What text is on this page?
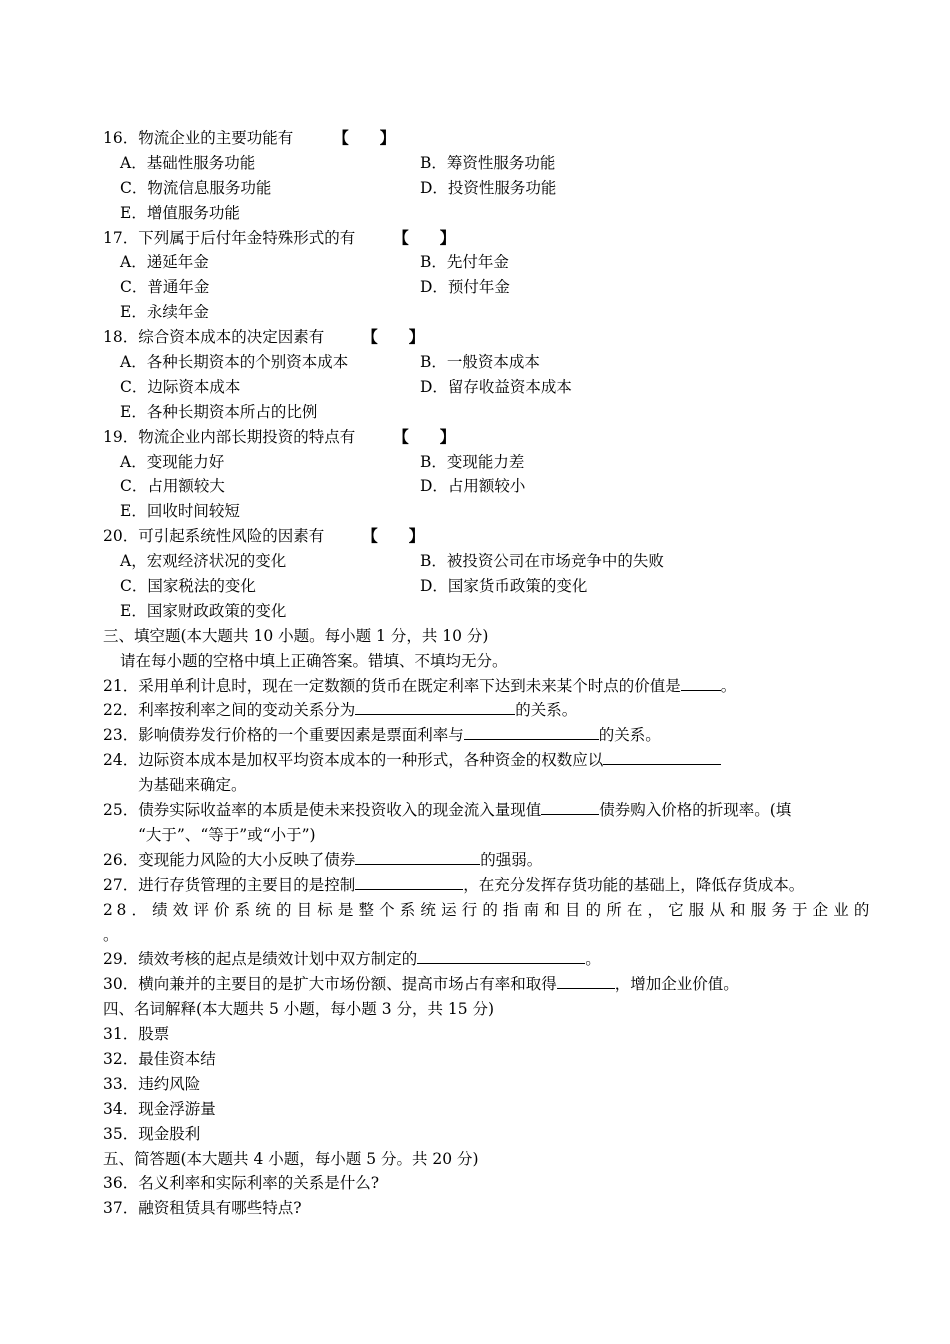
16．物流企业的主要功能有	【　　】
A．基础性服务功能	B．筹资性服务功能
C．物流信息服务功能	D．投资性服务功能
E．增值服务功能
17．下列属于后付年金特殊形式的有 【　　】
A．递延年金	B．先付年金
C．普通年金	D．预付年金
E．永续年金
18．综合资本成本的决定因素有 【　　】
A．各种长期资本的个别资本成本	B．一般资本成本
C．边际资本成本	D．留存收益资本成本
E．各种长期资本所占的比例
19．物流企业内部长期投资的特点有 【　　】
A．变现能力好	B．变现能力差
C．占用额较大	D．占用额较小
E．回收时间较短
20．可引起系统性风险的因素有 【　　】
A，宏观经济状况的变化	B．被投资公司在市场竞争中的失败
C．国家税法的变化	D．国家货币政策的变化
E．国家财政政策的变化
三、填空题(本大题共 10 小题。每小题 1 分，共 10 分)
请在每小题的空格中填上正确答案。错填、不填均无分。
21．采用单利计息时，现在一定数额的货币在既定利率下达到未来某个时点的价值是	。
22．利率按利率之间的变动关系分为	的关系。
23．影响债券发行价格的一个重要因素是票面利率与	的关系。
24．边际资本成本是加权平均资本成本的一种形式，各种资金的权数应以
为基础来确定。
25．债券实际收益率的本质是使未来投资收入的现金流入量现值	债券购入价格的折现率。(填
“大于”、“等于”或“小于”)
26．变现能力风险的大小反映了债券	的强弱。
27．进行存货管理的主要目的是控制	，在充分发挥存货功能的基础上，降低存货成本。
28．绩效评价系统的目标是整个系统运行的指南和目的所在，它服从和服务于企业的
。
29．绩效考核的起点是绩效计划中双方制定的	。
30．横向兼并的主要目的是扩大市场份额、提高市场占有率和取得	，增加企业价值。
四、名词解释(本大题共 5 小题，每小题 3 分，共 15 分)
31．股票
32．最佳资本结
33．违约风险
34．现金浮游量
35．现金股利
五、简答题(本大题共 4 小题，每小题 5 分。共 20 分)
36．名义利率和实际利率的关系是什么?
37．融资租赁具有哪些特点?
